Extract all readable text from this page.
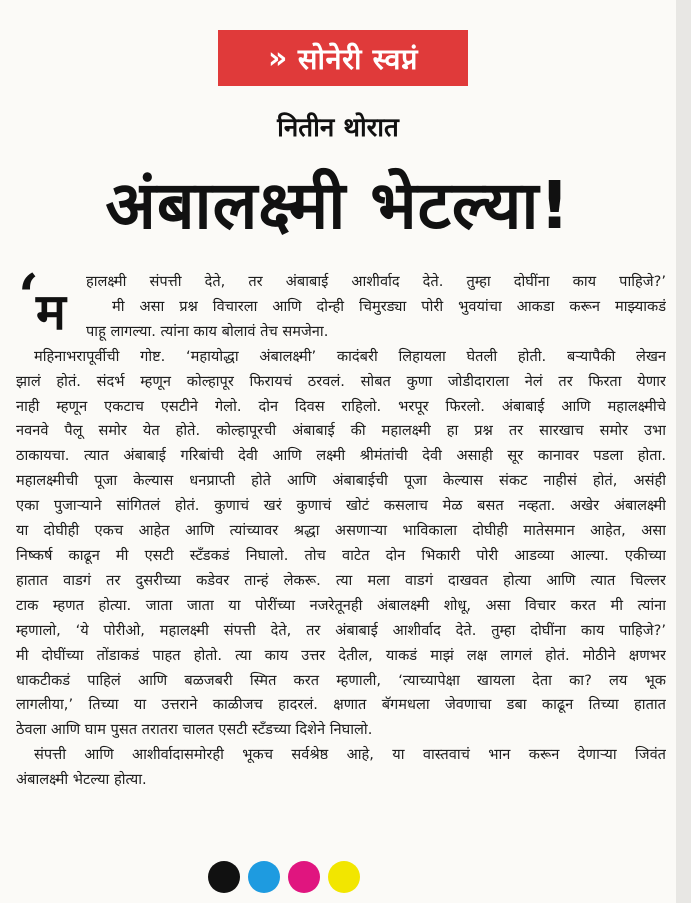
» सोनेरी स्वप्नं
नितीन थोरात
अंबालक्ष्मी भेटल्या!
‘
म
हालक्ष्मी संपत्ती देते, तर अंबाबाई आशीर्वाद देते. तुम्हा दोघींना काय पाहिजे?’
मी असा प्रश्न विचारला आणि दोन्ही चिमुरड्या पोरी भुवयांचा आकडा करून माझ्याकडं
पाहू लागल्या. त्यांना काय बोलावं तेच समजेना.
महिनाभरापूर्वीची गोष्ट. ‘महायोद्धा अंबालक्ष्मी’ कादंबरी लिहायला घेतली होती. बऱ्यापैकी लेखन
झालं होतं. संदर्भ म्हणून कोल्हापूर फिरायचं ठरवलं. सोबत कुणा जोडीदाराला नेलं तर फिरता येणार
नाही म्हणून एकटाच एसटीने गेलो. दोन दिवस राहिलो. भरपूर फिरलो. अंबाबाई आणि महालक्ष्मीचे
नवनवे पैलू समोर येत होते. कोल्हापूरची अंबाबाई की महालक्ष्मी हा प्रश्न तर सारखाच समोर उभा
ठाकायचा. त्यात अंबाबाई गरिबांची देवी आणि लक्ष्मी श्रीमंतांची देवी असाही सूर कानावर पडला होता.
महालक्ष्मीची पूजा केल्यास धनप्राप्ती होते आणि अंबाबाईची पूजा केल्यास संकट नाहीसं होतं, असंही
एका पुजाऱ्याने सांगितलं होतं. कुणाचं खरं कुणाचं खोटं कसलाच मेळ बसत नव्हता. अखेर अंबालक्ष्मी
या दोघीही एकच आहेत आणि त्यांच्यावर श्रद्धा असणाऱ्या भाविकाला दोघीही मातेसमान आहेत, असा
निष्कर्ष काढून मी एसटी स्टँडकडं निघालो. तोच वाटेत दोन भिकारी पोरी आडव्या आल्या. एकीच्या
हातात वाडगं तर दुसरीच्या कडेवर तान्हं लेकरू. त्या मला वाडगं दाखवत होत्या आणि त्यात चिल्लर
टाक म्हणत होत्या. जाता जाता या पोरींच्या नजरेतूनही अंबालक्ष्मी शोधू, असा विचार करत मी त्यांना
म्हणालो, ‘ये पोरीओ, महालक्ष्मी संपत्ती देते, तर अंबाबाई आशीर्वाद देते. तुम्हा दोघींना काय पाहिजे?’
मी दोघींच्या तोंडाकडं पाहत होतो. त्या काय उत्तर देतील, याकडं माझं लक्ष लागलं होतं. मोठीने क्षणभर
धाकटीकडं पाहिलं आणि बळजबरी स्मित करत म्हणाली, ‘त्याच्यापेक्षा खायला देता का? लय भूक
लागलीया,’ तिच्या या उत्तराने काळीजच हादरलं. क्षणात बॅगमधला जेवणाचा डबा काढून तिच्या हातात
ठेवला आणि घाम पुसत तरातरा चालत एसटी स्टँडच्या दिशेने निघालो.
संपत्ती आणि आशीर्वादासमोरही भूकच सर्वश्रेष्ठ आहे, या वास्तवाचं भान करून देणाऱ्या जिवंत
अंबालक्ष्मी भेटल्या होत्या.
